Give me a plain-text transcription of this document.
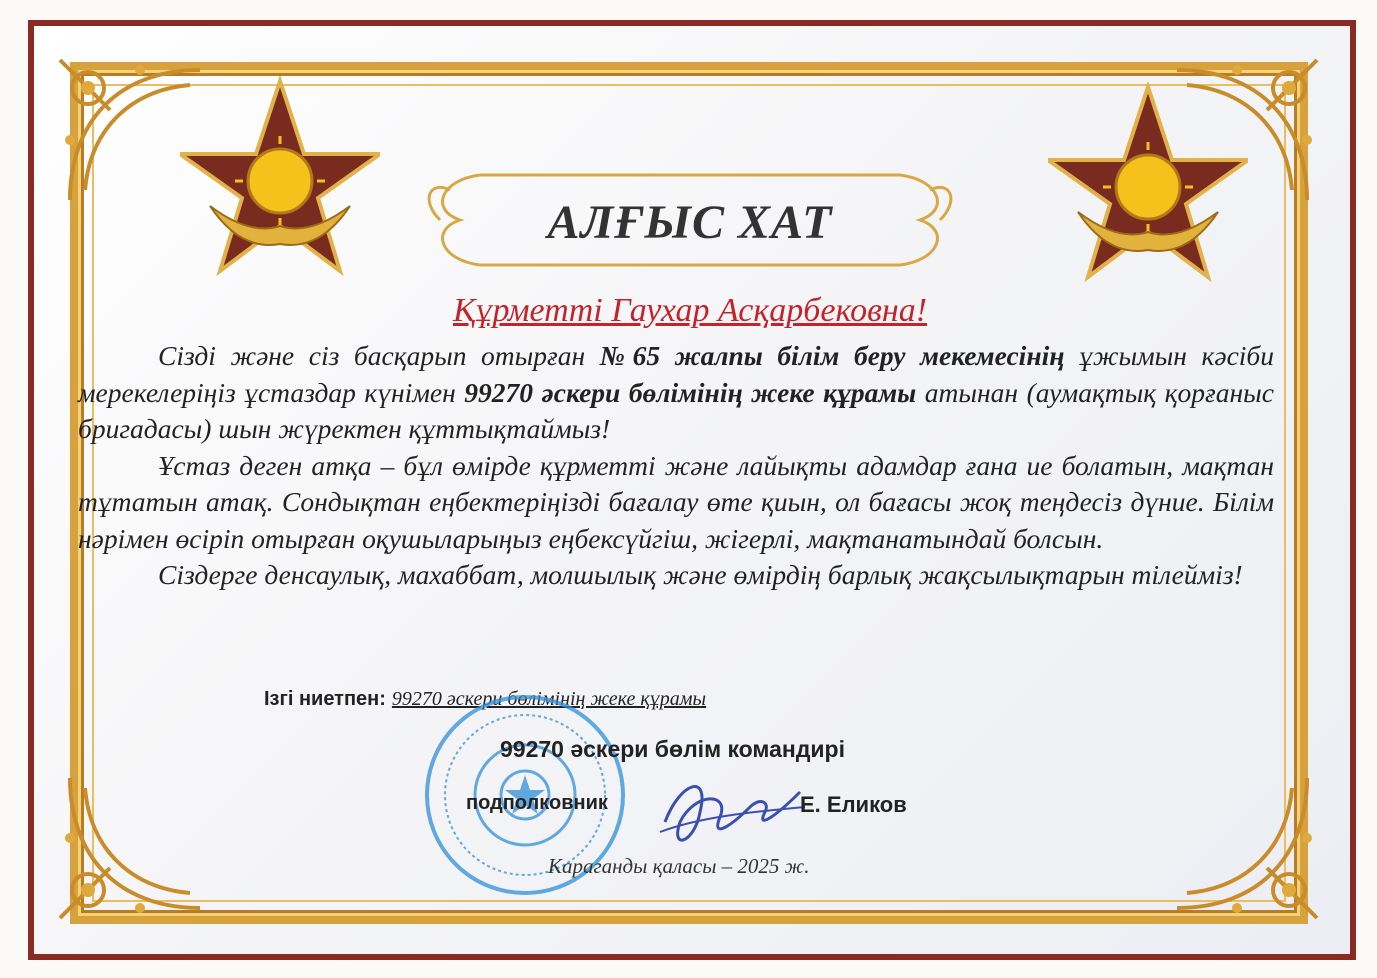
АЛҒЫС ХАТ
Құрметті Гаухар Асқарбековна!

Сізді және сіз басқарып отырған №65 жалпы білім беру мекемесінің ұжымын кәсіби мерекелеріңіз ұстаздар күнімен 99270 әскери бөлімінің жеке құрамы атынан (аумақтық қорғаныс бригадасы) шын жүректен құттықтаймыз!

Ұстаз деген атқа – бұл өмірде құрметті және лайықты адамдар ғана ие болатын, мақтан тұтатын атақ. Сондықтан еңбектеріңізді бағалау өте қиын, ол бағасы жоқ теңдесіз дүние. Білім нәрімен өсіріп отырған оқушыларыңыз еңбексүйгіш, жігерлі, мақтанатындай болсын.

Сіздерге денсаулық, махаббат, молшылық және өмірдің барлық жақсылықтарын тілейміз!

Ізгі ниетпен: 99270 әскери бөлімінің жеке құрамы
99270 әскери бөлім командирі
подполковник	Е. Еликов
Караганды қаласы – 2025 ж.
